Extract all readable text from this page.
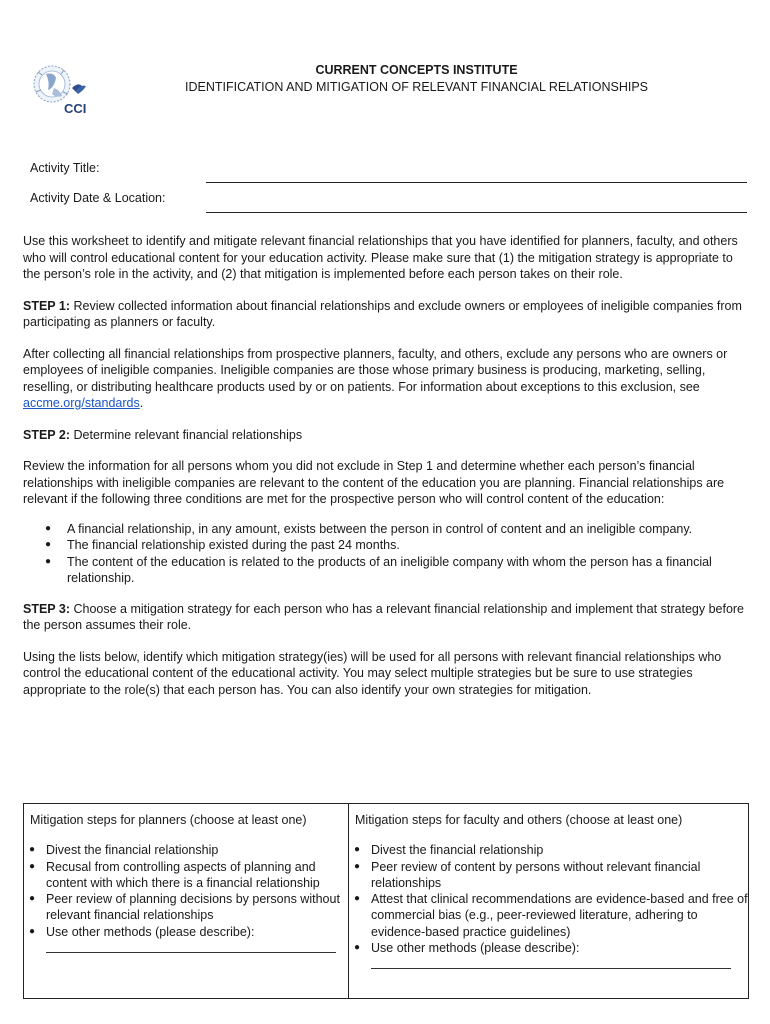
CCI
CURRENT CONCEPTS INSTITUTE
IDENTIFICATION AND MITIGATION OF RELEVANT FINANCIAL RELATIONSHIPS
Activity Title:
Activity Date & Location:

Use this worksheet to identify and mitigate relevant financial relationships that you have identified for planners, faculty, and others who will control educational content for your education activity. Please make sure that (1) the mitigation strategy is appropriate to the person’s role in the activity, and (2) that mitigation is implemented before each person takes on their role.

STEP 1: Review collected information about financial relationships and exclude owners or employees of ineligible companies from participating as planners or faculty.

After collecting all financial relationships from prospective planners, faculty, and others, exclude any persons who are owners or employees of ineligible companies. Ineligible companies are those whose primary business is producing, marketing, selling, reselling, or distributing healthcare products used by or on patients. For information about exceptions to this exclusion, see accme.org/standards.

STEP 2: Determine relevant financial relationships

Review the information for all persons whom you did not exclude in Step 1 and determine whether each person’s financial relationships with ineligible companies are relevant to the content of the education you are planning. Financial relationships are relevant if the following three conditions are met for the prospective person who will control content of the education:

● A financial relationship, in any amount, exists between the person in control of content and an ineligible company.
● The financial relationship existed during the past 24 months.
● The content of the education is related to the products of an ineligible company with whom the person has a financial relationship.

STEP 3: Choose a mitigation strategy for each person who has a relevant financial relationship and implement that strategy before the person assumes their role.

Using the lists below, identify which mitigation strategy(ies) will be used for all persons with relevant financial relationships who control the educational content of the educational activity. You may select multiple strategies but be sure to use strategies appropriate to the role(s) that each person has. You can also identify your own strategies for mitigation.

Mitigation steps for planners (choose at least one)
● Divest the financial relationship
● Recusal from controlling aspects of planning and content with which there is a financial relationship
● Peer review of planning decisions by persons without relevant financial relationships
● Use other methods (please describe):

Mitigation steps for faculty and others (choose at least one)
● Divest the financial relationship
● Peer review of content by persons without relevant financial relationships
● Attest that clinical recommendations are evidence-based and free of commercial bias (e.g., peer-reviewed literature, adhering to evidence-based practice guidelines)
● Use other methods (please describe):
